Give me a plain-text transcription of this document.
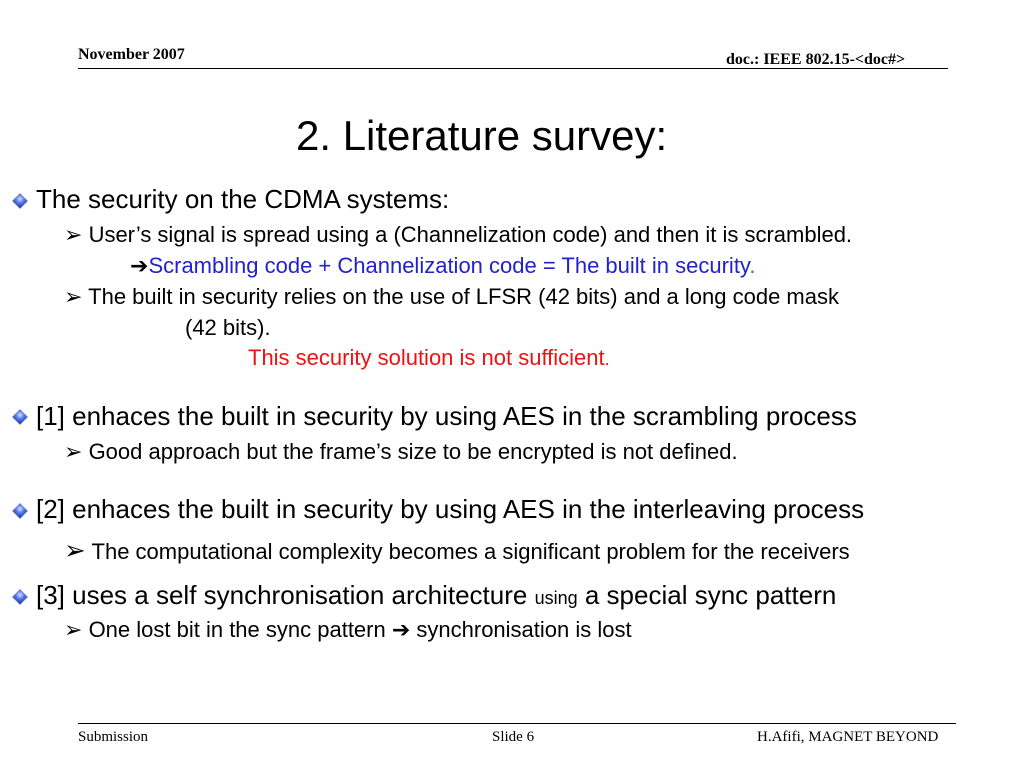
November 2007	doc.: IEEE 802.15-<doc#>
2. Literature survey:
The security on the CDMA systems:
➢ User’s signal is spread using a (Channelization code) and then it is scrambled.
➔Scrambling code + Channelization code = The built in security.
➢ The built in security relies on the use of LFSR (42 bits) and a long code mask
(42 bits).
This security solution is not sufficient.
[1] enhaces the built in security by using AES in the scrambling process
➢ Good approach but the frame’s size to be encrypted is not defined.
[2] enhaces the built in security by using AES in the interleaving process
➢ The computational complexity becomes a significant problem for the receivers
[3] uses a self synchronisation architecture using a special sync pattern
➢ One lost bit in the sync pattern ➔ synchronisation is lost
Submission	Slide 6	H.Afifi, MAGNET BEYOND
